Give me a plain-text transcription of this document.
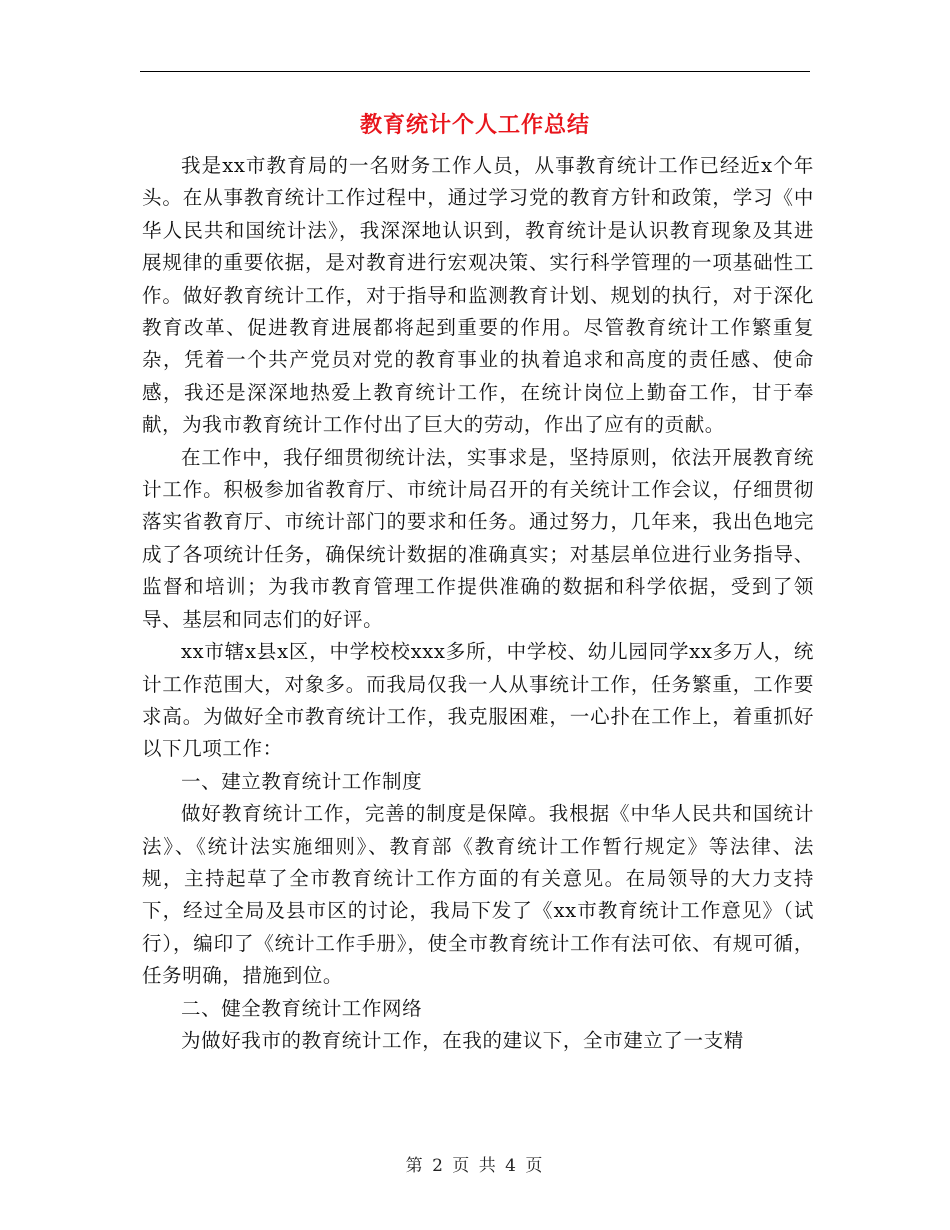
教育统计个人工作总结

我是xx市教育局的一名财务工作人员，从事教育统计工作已经近x个年头。在从事教育统计工作过程中，通过学习党的教育方针和政策，学习《中华人民共和国统计法》，我深深地认识到，教育统计是认识教育现象及其进展规律的重要依据，是对教育进行宏观决策、实行科学管理的一项基础性工作。做好教育统计工作，对于指导和监测教育计划、规划的执行，对于深化教育改革、促进教育进展都将起到重要的作用。尽管教育统计工作繁重复杂，凭着一个共产党员对党的教育事业的执着追求和高度的责任感、使命感，我还是深深地热爱上教育统计工作，在统计岗位上勤奋工作，甘于奉献，为我市教育统计工作付出了巨大的劳动，作出了应有的贡献。

在工作中，我仔细贯彻统计法，实事求是，坚持原则，依法开展教育统计工作。积极参加省教育厅、市统计局召开的有关统计工作会议，仔细贯彻落实省教育厅、市统计部门的要求和任务。通过努力，几年来，我出色地完成了各项统计任务，确保统计数据的准确真实；对基层单位进行业务指导、监督和培训；为我市教育管理工作提供准确的数据和科学依据，受到了领导、基层和同志们的好评。

xx市辖x县x区，中学校校xxx多所，中学校、幼儿园同学xx多万人，统计工作范围大，对象多。而我局仅我一人从事统计工作，任务繁重，工作要求高。为做好全市教育统计工作，我克服困难，一心扑在工作上，着重抓好以下几项工作：

一、建立教育统计工作制度

做好教育统计工作，完善的制度是保障。我根据《中华人民共和国统计法》、《统计法实施细则》、教育部《教育统计工作暂行规定》等法律、法规，主持起草了全市教育统计工作方面的有关意见。在局领导的大力支持下，经过全局及县市区的讨论，我局下发了《xx市教育统计工作意见》（试行），编印了《统计工作手册》，使全市教育统计工作有法可依、有规可循，任务明确，措施到位。

二、健全教育统计工作网络

为做好我市的教育统计工作，在我的建议下，全市建立了一支精

第 2 页 共 4 页
